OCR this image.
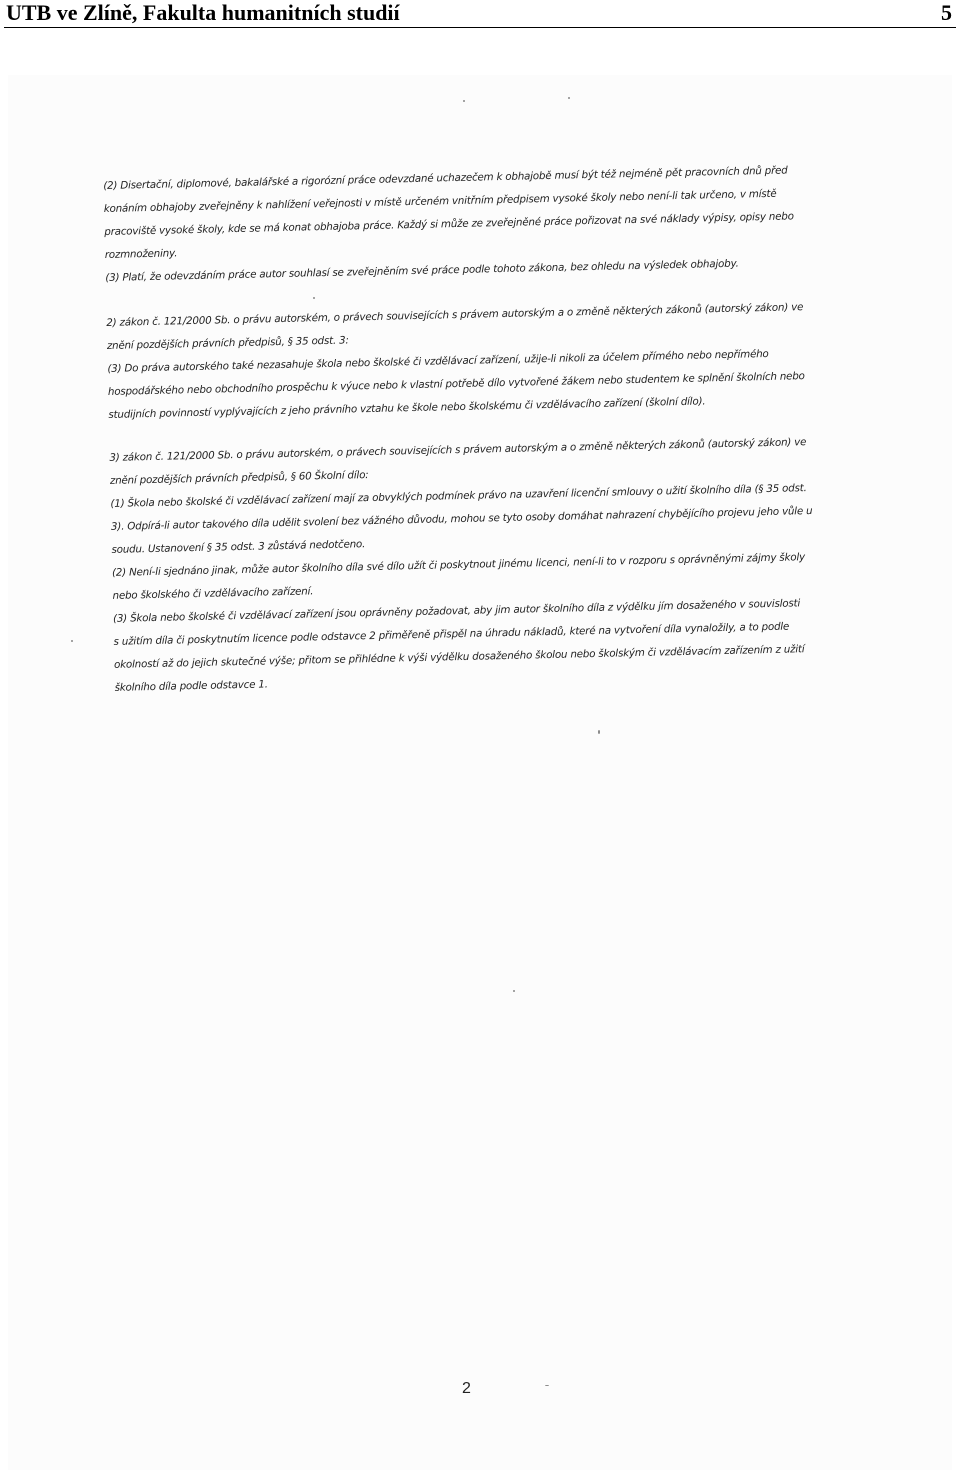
UTB ve Zlíně, Fakulta humanitních studií	5
(2) Disertační, diplomové, bakalářské a rigorózní práce odevzdané uchazečem k obhajobě musí být též nejméně pět pracovních dnů před
konáním obhajoby zveřejněny k nahlížení veřejnosti v místě určeném vnitřním předpisem vysoké školy nebo není-li tak určeno, v místě
pracoviště vysoké školy, kde se má konat obhajoba práce. Každý si může ze zveřejněné práce pořizovat na své náklady výpisy, opisy nebo
rozmnoženiny.
(3) Platí, že odevzdáním práce autor souhlasí se zveřejněním své práce podle tohoto zákona, bez ohledu na výsledek obhajoby.
2) zákon č. 121/2000 Sb. o právu autorském, o právech souvisejících s právem autorským a o změně některých zákonů (autorský zákon) ve
znění pozdějších právních předpisů, § 35 odst. 3:
(3) Do práva autorského také nezasahuje škola nebo školské či vzdělávací zařízení, užije-li nikoli za účelem přímého nebo nepřímého
hospodářského nebo obchodního prospěchu k výuce nebo k vlastní potřebě dílo vytvořené žákem nebo studentem ke splnění školních nebo
studijních povinností vyplývajících z jeho právního vztahu ke škole nebo školskému či vzdělávacího zařízení (školní dílo).
3) zákon č. 121/2000 Sb. o právu autorském, o právech souvisejících s právem autorským a o změně některých zákonů (autorský zákon) ve
znění pozdějších právních předpisů, § 60 Školní dílo:
(1) Škola nebo školské či vzdělávací zařízení mají za obvyklých podmínek právo na uzavření licenční smlouvy o užití školního díla (§ 35 odst.
3). Odpírá-li autor takového díla udělit svolení bez vážného důvodu, mohou se tyto osoby domáhat nahrazení chybějícího projevu jeho vůle u
soudu. Ustanovení § 35 odst. 3 zůstává nedotčeno.
(2) Není-li sjednáno jinak, může autor školního díla své dílo užít či poskytnout jinému licenci, není-li to v rozporu s oprávněnými zájmy školy
nebo školského či vzdělávacího zařízení.
(3) Škola nebo školské či vzdělávací zařízení jsou oprávněny požadovat, aby jim autor školního díla z výdělku jím dosaženého v souvislosti
s užitím díla či poskytnutím licence podle odstavce 2 přiměřeně přispěl na úhradu nákladů, které na vytvoření díla vynaložily, a to podle
okolností až do jejich skutečné výše; přitom se přihlédne k výši výdělku dosaženého školou nebo školským či vzdělávacím zařízením z užití
školního díla podle odstavce 1.
2
